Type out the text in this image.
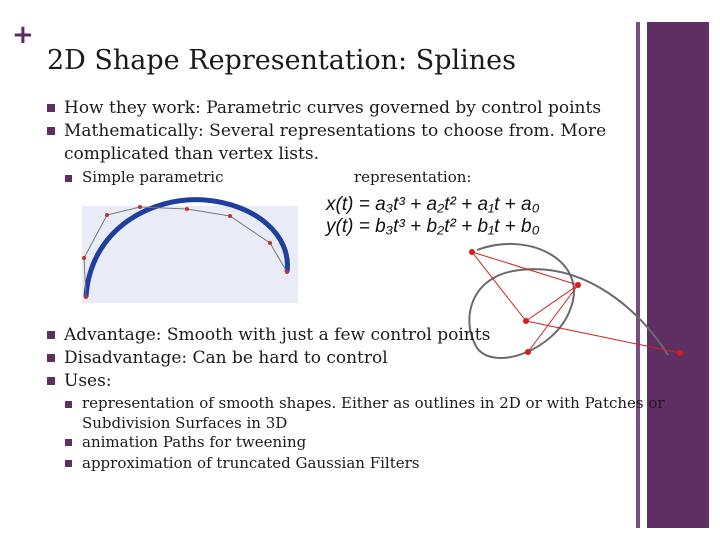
+
2D Shape Representation: Splines
How they work: Parametric curves governed by control points
Mathematically: Several representations to choose from. More
complicated than vertex lists.
Simple parametric	representation:
x(t) = a₃t³ + a₂t² + a₁t + a₀
y(t) = b₃t³ + b₂t² + b₁t + b₀
Advantage: Smooth with just a few control points
Disadvantage: Can be hard to control
Uses:
representation of smooth shapes. Either as outlines in 2D or with Patches or
Subdivision Surfaces in 3D
animation Paths for tweening
approximation of truncated Gaussian Filters
